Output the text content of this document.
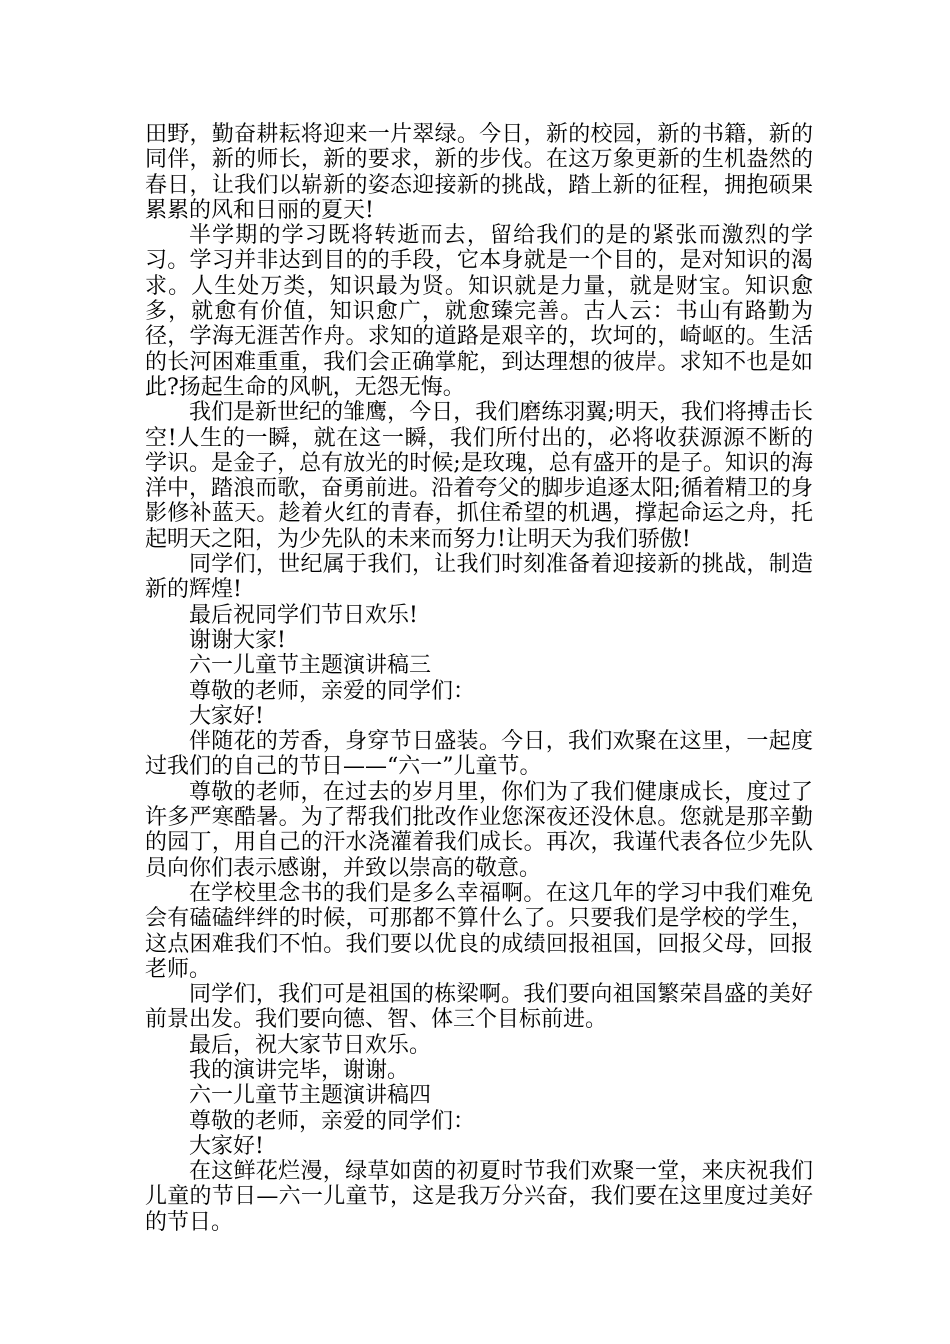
田野，勤奋耕耘将迎来一片翠绿。今日，新的校园，新的书籍，新的同伴，新的师长，新的要求，新的步伐。在这万象更新的生机盎然的春日，让我们以崭新的姿态迎接新的挑战，踏上新的征程，拥抱硕果累累的风和日丽的夏天!

半学期的学习既将转逝而去，留给我们的是的紧张而激烈的学习。学习并非达到目的的手段，它本身就是一个目的，是对知识的渴求。人生处万类，知识最为贤。知识就是力量，就是财宝。知识愈多，就愈有价值，知识愈广，就愈臻完善。古人云：书山有路勤为径，学海无涯苦作舟。求知的道路是艰辛的，坎坷的，崎岖的。生活的长河困难重重，我们会正确掌舵，到达理想的彼岸。求知不也是如此?扬起生命的风帆，无怨无悔。

我们是新世纪的雏鹰，今日，我们磨练羽翼;明天，我们将搏击长空!人生的一瞬，就在这一瞬，我们所付出的，必将收获源源不断的学识。是金子，总有放光的时候;是玫瑰，总有盛开的是子。知识的海洋中，踏浪而歌，奋勇前进。沿着夸父的脚步追逐太阳;循着精卫的身影修补蓝天。趁着火红的青春，抓住希望的机遇，撑起命运之舟，托起明天之阳，为少先队的未来而努力!让明天为我们骄傲!

同学们，世纪属于我们，让我们时刻准备着迎接新的挑战，制造新的辉煌!

最后祝同学们节日欢乐!

谢谢大家!

六一儿童节主题演讲稿三

尊敬的老师，亲爱的同学们：

大家好!

伴随花的芳香，身穿节日盛装。今日，我们欢聚在这里，一起度过我们的自己的节日——“六一”儿童节。

尊敬的老师，在过去的岁月里，你们为了我们健康成长，度过了许多严寒酷暑。为了帮我们批改作业您深夜还没休息。您就是那辛勤的园丁，用自己的汗水浇灌着我们成长。再次，我谨代表各位少先队员向你们表示感谢，并致以崇高的敬意。

在学校里念书的我们是多么幸福啊。在这几年的学习中我们难免会有磕磕绊绊的时候，可那都不算什么了。只要我们是学校的学生，这点困难我们不怕。我们要以优良的成绩回报祖国，回报父母，回报老师。

同学们，我们可是祖国的栋梁啊。我们要向祖国繁荣昌盛的美好前景出发。我们要向德、智、体三个目标前进。

最后，祝大家节日欢乐。

我的演讲完毕，谢谢。

六一儿童节主题演讲稿四

尊敬的老师，亲爱的同学们：

大家好!

在这鲜花烂漫，绿草如茵的初夏时节我们欢聚一堂，来庆祝我们儿童的节日—六一儿童节，这是我万分兴奋，我们要在这里度过美好的节日。
